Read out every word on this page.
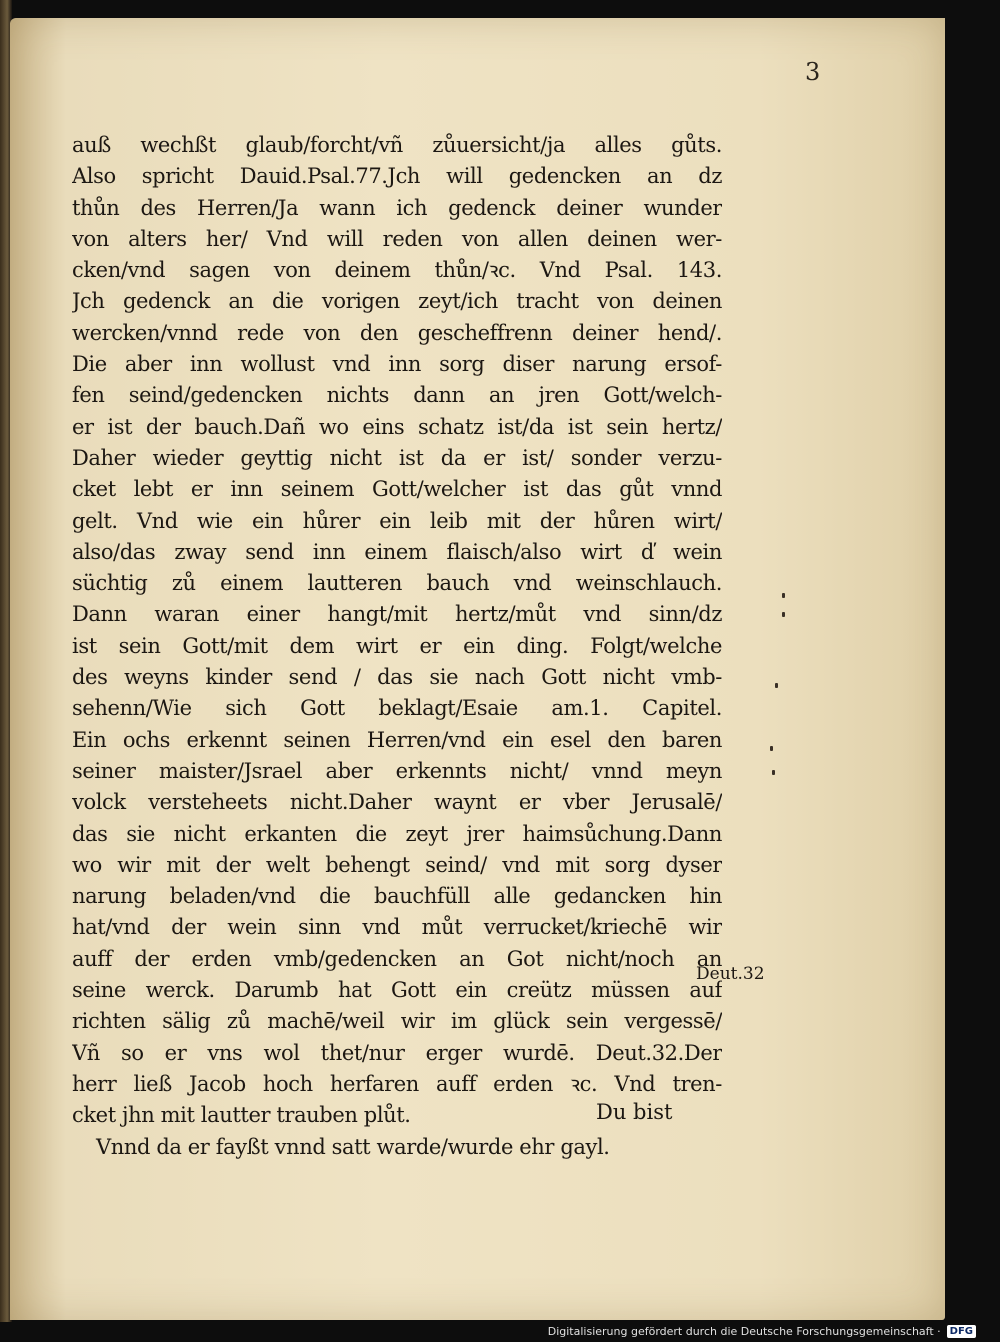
3
auß wechßt glaub/forcht/vñ zůuersicht/ja alles gůts.
Also spricht Dauid.Psal.77.Jch will gedencken an dz
thůn des Herren/Ja wann ich gedenck deiner wunder
von alters her/ Vnd will reden von allen deinen wer-
cken/vnd sagen von deinem thůn/ꝛc. Vnd Psal. 143.
Jch gedenck an die vorigen zeyt/ich tracht von deinen
wercken/vnnd rede von den gescheffrenn deiner hend/.
Die aber inn wollust vnd inn sorg diser narung ersof-
fen seind/gedencken nichts dann an jren Gott/welch-
er ist der bauch.Dañ wo eins schatz ist/da ist sein hertz/
Daher wieder geyttig nicht ist da er ist/ sonder verzu-
cket lebt er inn seinem Gott/welcher ist das gůt vnnd
gelt. Vnd wie ein hůrer ein leib mit der hůren wirt/
also/das zway send inn einem flaisch/also wirt ď wein
süchtig zů einem lautteren bauch vnd weinschlauch.
Dann waran einer hangt/mit hertz/můt vnd sinn/dz
ist sein Gott/mit dem wirt er ein ding. Folgt/welche
des weyns kinder send / das sie nach Gott nicht vmb-
sehenn/Wie sich Gott beklagt/Esaie am.1. Capitel.
Ein ochs erkennt seinen Herren/vnd ein esel den baren
seiner maister/Jsrael aber erkennts nicht/ vnnd meyn
volck versteheets nicht.Daher waynt er vber Jerusalē/
das sie nicht erkanten die zeyt jrer haimsůchung.Dann
wo wir mit der welt behengt seind/ vnd mit sorg dyser
narung beladen/vnd die bauchfüll alle gedancken hin
hat/vnd der wein sinn vnd můt verrucket/kriechē wir
auff der erden vmb/gedencken an Got nicht/noch an
seine werck. Darumb hat Gott ein creütz müssen auf
richten sälig zů machē/weil wir im glück sein vergessē/
Vñ so er vns wol thet/nur erger wurdē. Deut.32.Der
herr ließ Jacob hoch herfaren auff erden ꝛc. Vnd tren-
cket jhn mit lautter trauben plůt.
Vnnd da er fayßt vnnd satt warde/wurde ehr gayl.
Deut.32
Du bist
Digitalisierung gefördert durch die Deutsche Forschungsgemeinschaft · DFG
